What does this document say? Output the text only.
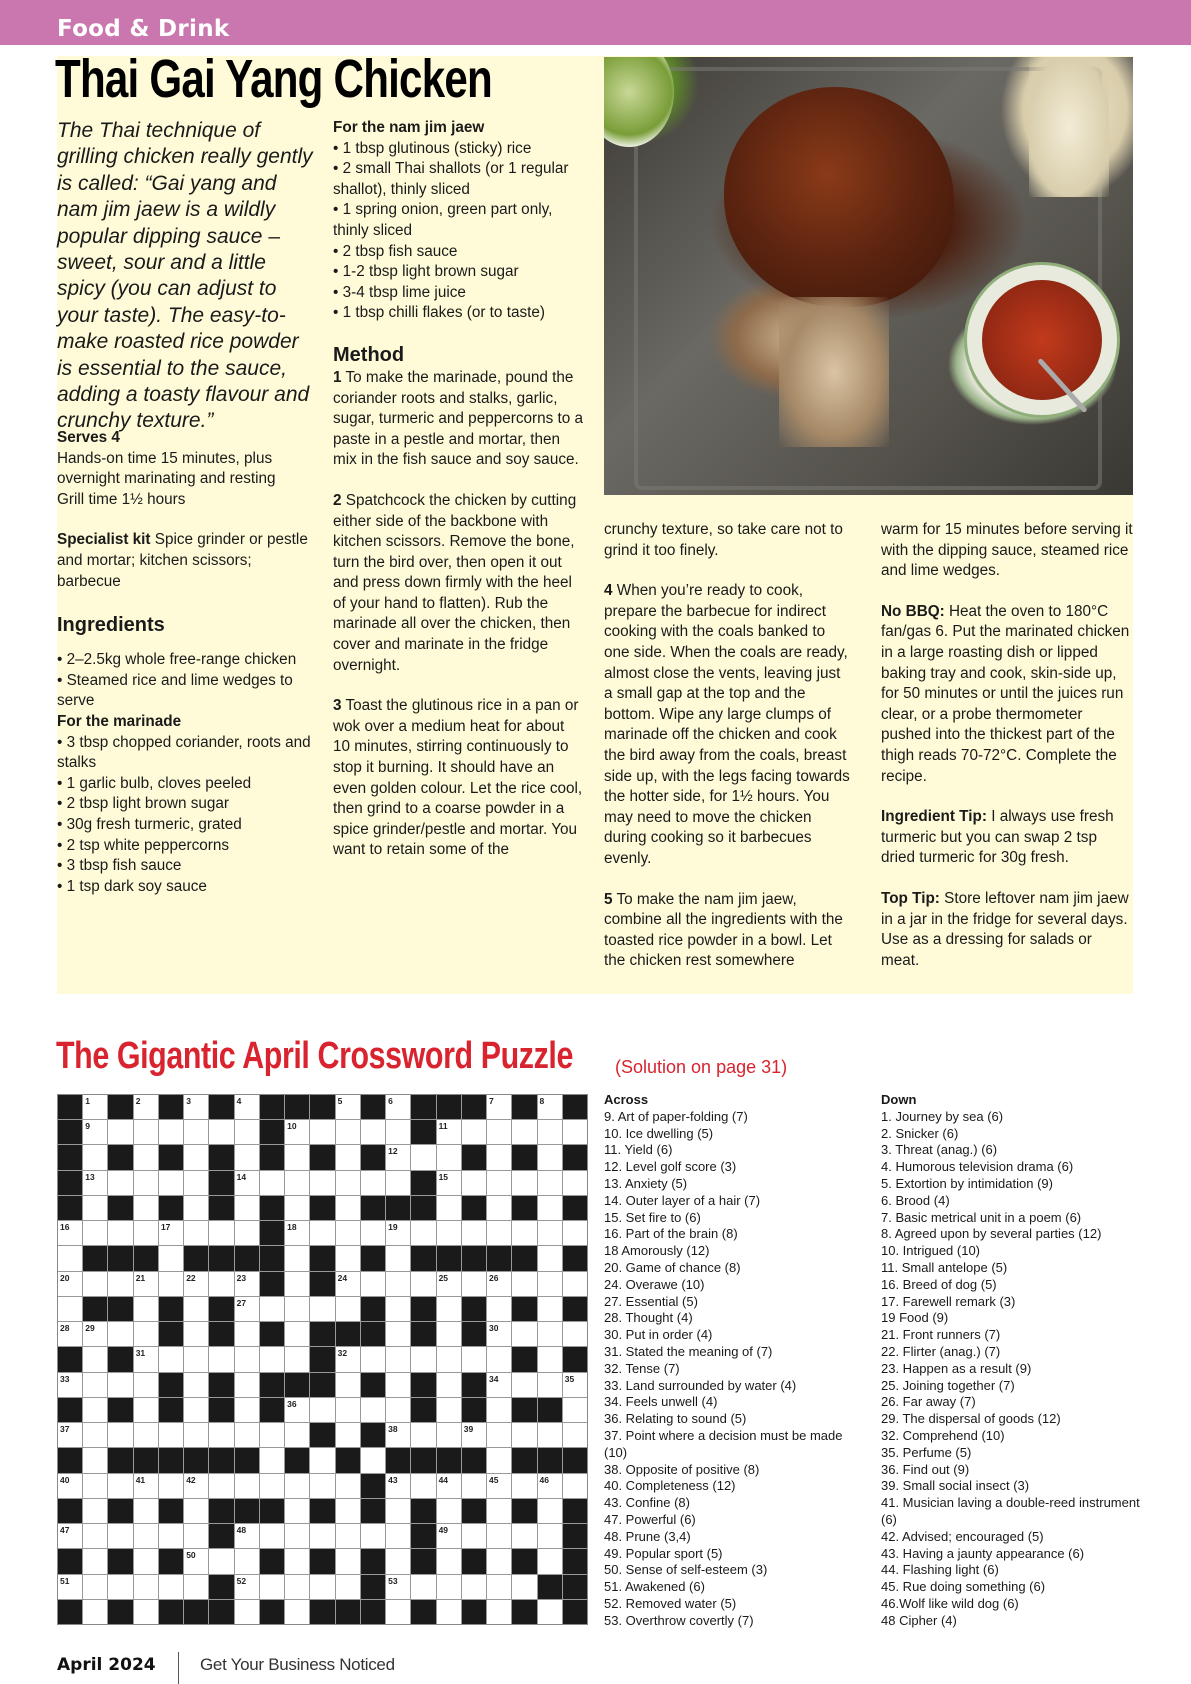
Food & Drink
Thai Gai Yang Chicken
The Thai technique of grilling chicken really gently is called: “Gai yang and nam jim jaew is a wildly popular dipping sauce – sweet, sour and a little spicy (you can adjust to your taste). The easy-to-make roasted rice powder is essential to the sauce, adding a toasty flavour and crunchy texture.”

Serves 4

Hands-on time 15 minutes, plus overnight marinating and resting

Grill time 1½ hours

Specialist kit Spice grinder or pestle and mortar; kitchen scissors; barbecue

Ingredients

• 2–2.5kg whole free-range chicken

• Steamed rice and lime wedges to serve

For the marinade

• 3 tbsp chopped coriander, roots and stalks

• 1 garlic bulb, cloves peeled

• 2 tbsp light brown sugar

• 30g fresh turmeric, grated

• 2 tsp white peppercorns

• 3 tbsp fish sauce

• 1 tsp dark soy sauce

For the nam jim jaew

• 1 tbsp glutinous (sticky) rice

• 2 small Thai shallots (or 1 regular shallot), thinly sliced

• 1 spring onion, green part only, thinly sliced

• 2 tbsp fish sauce

• 1-2 tbsp light brown sugar

• 3-4 tbsp lime juice

• 1 tbsp chilli flakes (or to taste)

Method

1 To make the marinade, pound the coriander roots and stalks, garlic, sugar, turmeric and peppercorns to a paste in a pestle and mortar, then mix in the fish sauce and soy sauce.

2 Spatchcock the chicken by cutting either side of the backbone with kitchen scissors. Remove the bone, turn the bird over, then open it out and press down firmly with the heel of your hand to flatten). Rub the marinade all over the chicken, then cover and marinate in the fridge overnight.

3 Toast the glutinous rice in a pan or wok over a medium heat for about 10 minutes, stirring continuously to stop it burning. It should have an even golden colour. Let the rice cool, then grind to a coarse powder in a spice grinder/pestle and mortar. You want to retain some of the

crunchy texture, so take care not to grind it too finely.

4 When you’re ready to cook, prepare the barbecue for indirect cooking with the coals banked to one side. When the coals are ready, almost close the vents, leaving just a small gap at the top and the bottom. Wipe any large clumps of marinade off the chicken and cook the bird away from the coals, breast side up, with the legs facing towards the hotter side, for 1½ hours. You may need to move the chicken during cooking so it barbecues evenly.

5 To make the nam jim jaew, combine all the ingredients with the toasted rice powder in a bowl. Let the chicken rest somewhere

warm for 15 minutes before serving it with the dipping sauce, steamed rice and lime wedges.

No BBQ: Heat the oven to 180°C fan/gas 6. Put the marinated chicken in a large roasting dish or lipped baking tray and cook, skin-side up, for 50 minutes or until the juices run clear, or a probe thermometer pushed into the thickest part of the thigh reads 70-72°C. Complete the recipe.

Ingredient Tip: I always use fresh turmeric but you can swap 2 tsp dried turmeric for 30g fresh.

Top Tip: Store leftover nam jim jaew in a jar in the fridge for several days. Use as a dressing for salads or meat.

The Gigantic April Crossword Puzzle (Solution on page 31)
1	2	3	4	5	6	7	8
9	10	11
12
13	14	15
16	17	18	19
20	21	22	23	24	25	26
27
28 29	30
31	32
33	34	35
36
37	38	39
40	41	42	43	44	45	46
47	48	49
50
51	52	53
Across
9. Art of paper-folding (7)
10. Ice dwelling (5)
11. Yield (6)
12. Level golf score (3)
13. Anxiety (5)
14. Outer layer of a hair (7)
15. Set fire to (6)
16. Part of the brain (8)
18 Amorously (12)
20. Game of chance (8)
24. Overawe (10)
27. Essential (5)
28. Thought (4)
30. Put in order (4)
31. Stated the meaning of (7)
32. Tense (7)
33. Land surrounded by water (4)
34. Feels unwell (4)
36. Relating to sound (5)
37. Point where a decision must be made (10)
38. Opposite of positive (8)
40. Completeness (12)
43. Confine (8)
47. Powerful (6)
48. Prune (3,4)
49. Popular sport (5)
50. Sense of self-esteem (3)
51. Awakened (6)
52. Removed water (5)
53. Overthrow covertly (7)
Down
1. Journey by sea (6)
2. Snicker (6)
3. Threat (anag.) (6)
4. Humorous television drama (6)
5. Extortion by intimidation (9)
6. Brood (4)
7. Basic metrical unit in a poem (6)
8. Agreed upon by several parties (12)
10. Intrigued (10)
11. Small antelope (5)
16. Breed of dog (5)
17. Farewell remark (3)
19 Food (9)
21. Front runners (7)
22. Flirter (anag.) (7)
23. Happen as a result (9)
25. Joining together (7)
26. Far away (7)
29. The dispersal of goods (12)
32. Comprehend (10)
35. Perfume (5)
36. Find out (9)
39. Small social insect (3)
41. Musician laving a double-reed instrument (6)
42. Advised; encouraged (5)
43. Having a jaunty appearance (6)
44. Flashing light (6)
45. Rue doing something (6)
46.Wolf like wild dog (6)
48 Cipher (4)
April 2024	Get Your Business Noticed
